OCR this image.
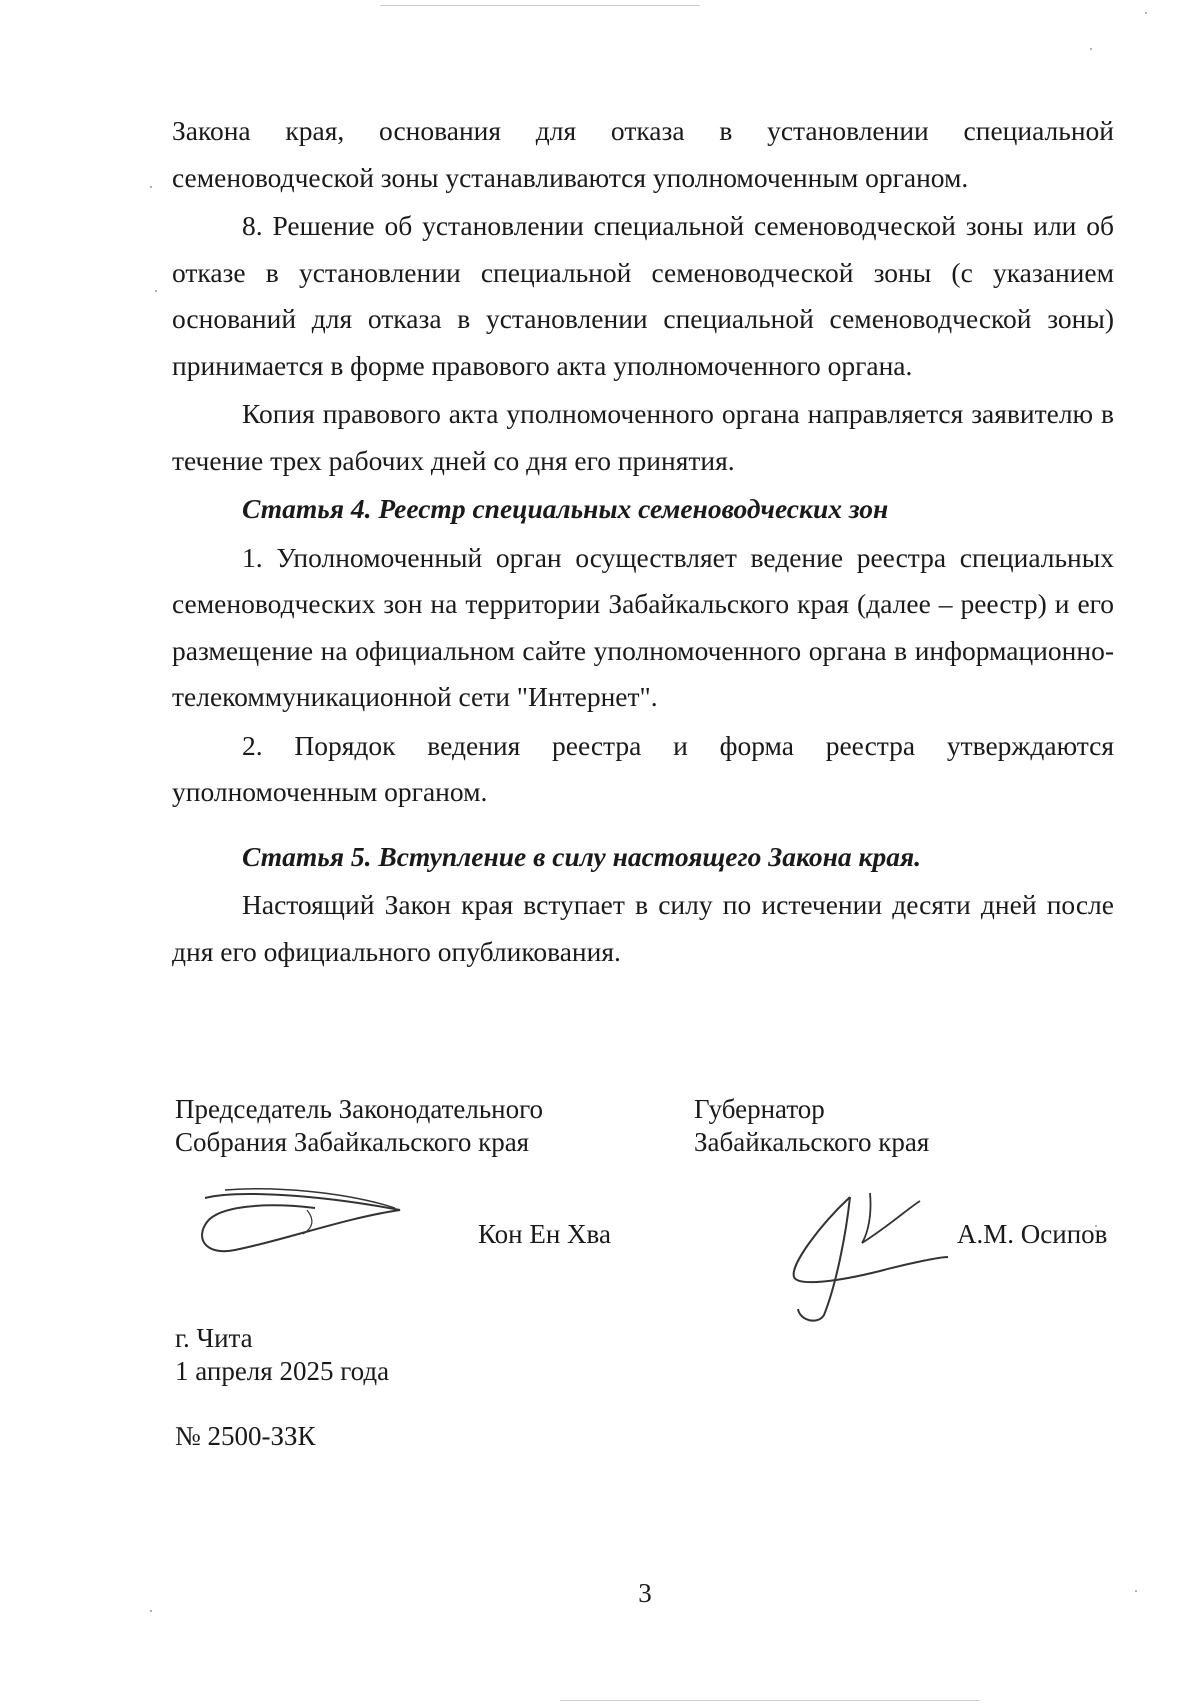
Закона края, основания для отказа в установлении специальной семеноводческой зоны устанавливаются уполномоченным органом.

8. Решение об установлении специальной семеноводческой зоны или об отказе в установлении специальной семеноводческой зоны (с указанием оснований для отказа в установлении специальной семеноводческой зоны) принимается в форме правового акта уполномоченного органа.

Копия правового акта уполномоченного органа направляется заявителю в течение трех рабочих дней со дня его принятия.

Статья 4. Реестр специальных семеноводческих зон

1. Уполномоченный орган осуществляет ведение реестра специальных семеноводческих зон на территории Забайкальского края (далее – реестр) и его размещение на официальном сайте уполномоченного органа в информационно-телекоммуникационной сети "Интернет".

2. Порядок ведения реестра и форма реестра утверждаются уполномоченным органом.

Статья 5. Вступление в силу настоящего Закона края.

Настоящий Закон края вступает в силу по истечении десяти дней после дня его официального опубликования.

Председатель Законодательного
Собрания Забайкальского края
Кон Ен Хва
Губернатор
Забайкальского края
А.М. Осипов
г. Чита
1 апреля 2025 года
№ 2500-ЗЗК
3
